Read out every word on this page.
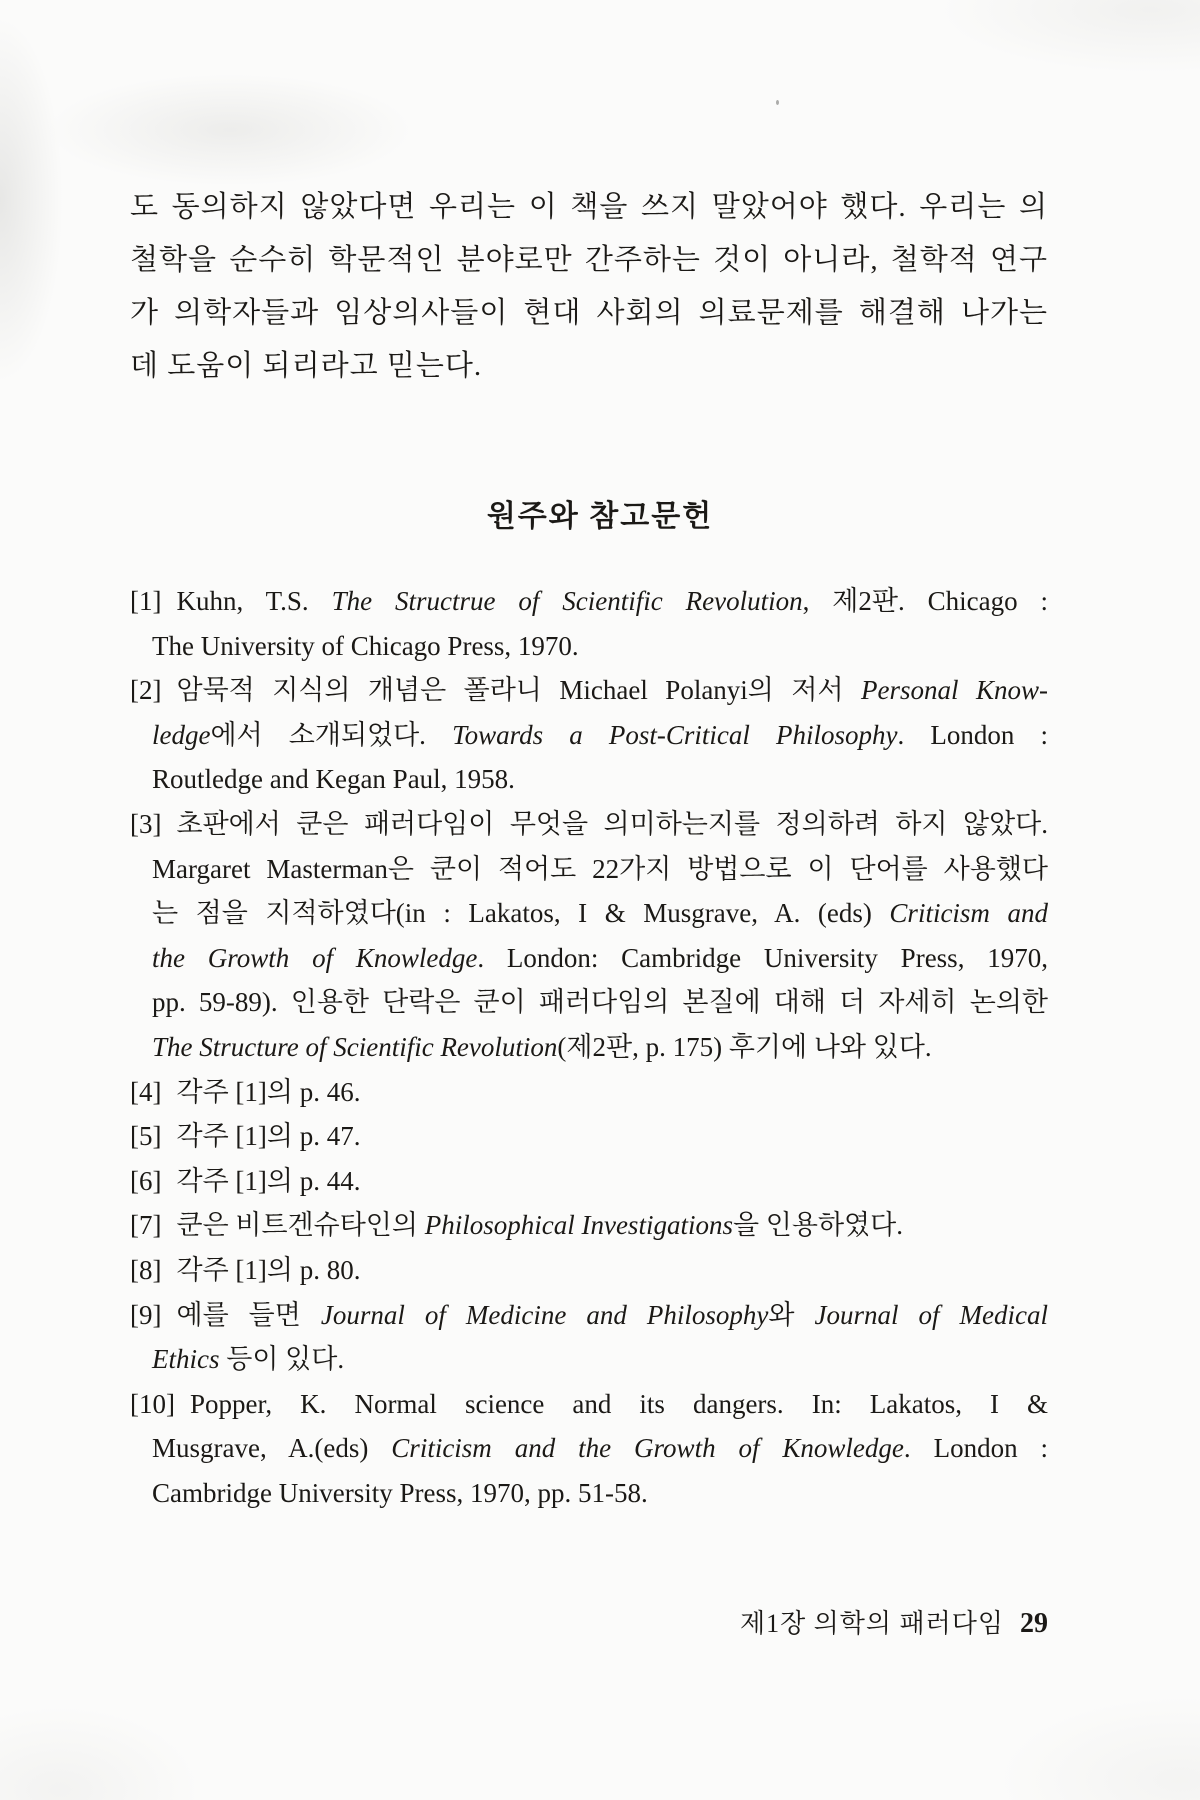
도 동의하지 않았다면 우리는 이 책을 쓰지 말았어야 했다. 우리는 의
철학을 순수히 학문적인 분야로만 간주하는 것이 아니라, 철학적 연구
가 의학자들과 임상의사들이 현대 사회의 의료문제를 해결해 나가는
데 도움이 되리라고 믿는다.
원주와 참고문헌
[1] Kuhn, T.S. The Structrue of Scientific Revolution, 제2판. Chicago :
The University of Chicago Press, 1970.
[2] 암묵적 지식의 개념은 폴라니 Michael Polanyi의 저서 Personal Know-
ledge에서 소개되었다. Towards a Post-Critical Philosophy. London :
Routledge and Kegan Paul, 1958.
[3] 초판에서 쿤은 패러다임이 무엇을 의미하는지를 정의하려 하지 않았다.
Margaret Masterman은 쿤이 적어도 22가지 방법으로 이 단어를 사용했다
는 점을 지적하였다(in : Lakatos, I & Musgrave, A. (eds) Criticism and
the Growth of Knowledge. London: Cambridge University Press, 1970,
pp. 59-89). 인용한 단락은 쿤이 패러다임의 본질에 대해 더 자세히 논의한
The Structure of Scientific Revolution(제2판, p. 175) 후기에 나와 있다.
[4] 각주 [1]의 p. 46.
[5] 각주 [1]의 p. 47.
[6] 각주 [1]의 p. 44.
[7] 쿤은 비트겐슈타인의 Philosophical Investigations을 인용하였다.
[8] 각주 [1]의 p. 80.
[9] 예를 들면 Journal of Medicine and Philosophy와 Journal of Medical
Ethics 등이 있다.
[10] Popper, K. Normal science and its dangers. In: Lakatos, I &
Musgrave, A.(eds) Criticism and the Growth of Knowledge. London :
Cambridge University Press, 1970, pp. 51-58.
제1장 의학의 패러다임 29
